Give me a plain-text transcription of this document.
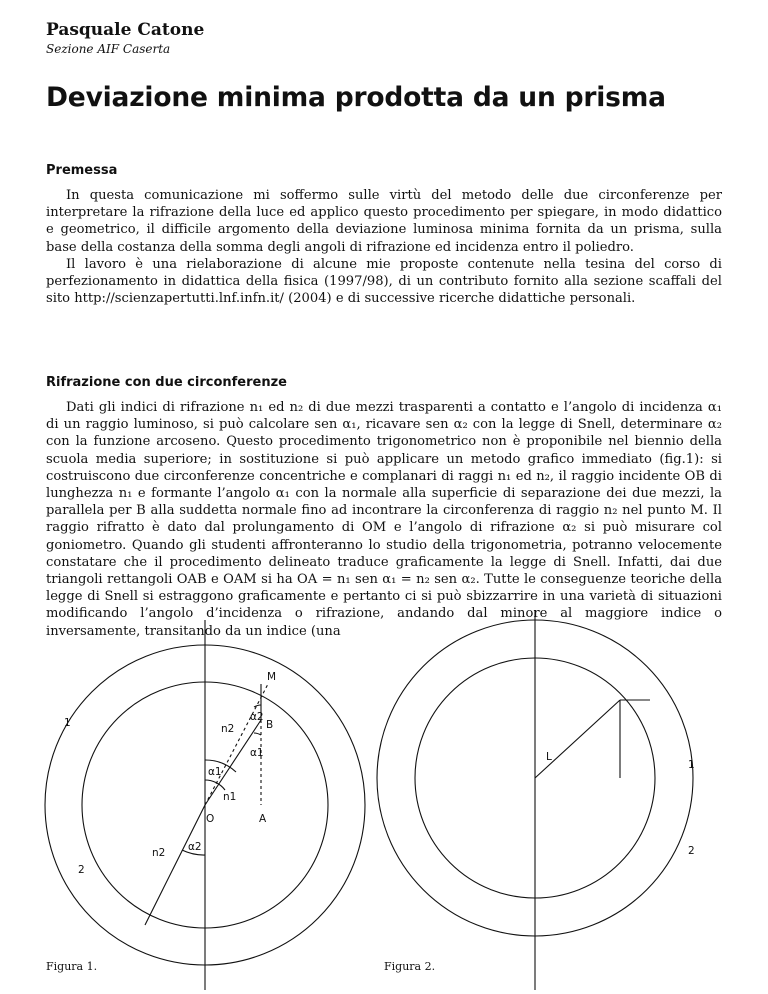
Pasquale Catone
Sezione AIF Caserta
Deviazione minima prodotta da un prisma
Premessa

In questa comunicazione mi soffermo sulle virtù del metodo delle due circonferenze per interpretare la rifrazione della luce ed applico questo procedimento per spiegare, in modo didattico e geometrico, il difficile argomento della deviazione luminosa minima fornita da un prisma, sulla base della costanza della somma degli angoli di rifrazione ed incidenza entro il poliedro.

Il lavoro è una rielaborazione di alcune mie proposte contenute nella tesina del corso di perfezionamento in didattica della fisica (1997/98), di un contributo fornito alla sezione scaffali del sito http://scienzapertutti.lnf.infn.it/ (2004) e di successive ricerche didattiche personali.

Rifrazione con due circonferenze

Dati gli indici di rifrazione n₁ ed n₂ di due mezzi trasparenti a contatto e l’angolo di incidenza α₁ di un raggio luminoso, si può calcolare sen α₁, ricavare sen α₂ con la legge di Snell, determinare α₂ con la funzione arcoseno. Questo procedimento trigonometrico non è proponibile nel biennio della scuola media superiore; in sostituzione si può applicare un metodo grafico immediato (fig.1): si costruiscono due circonferenze concentriche e complanari di raggi n₁ ed n₂, il raggio incidente OB di lunghezza n₁ e formante l’angolo α₁ con la normale alla superficie di separazione dei due mezzi, la parallela per B alla suddetta normale fino ad incontrare la circonferenza di raggio n₂ nel punto M. Il raggio rifratto è dato dal prolungamento di OM e l’angolo di rifrazione α₂ si può misurare col goniometro. Quando gli studenti affronteranno lo studio della trigonometria, potranno velocemente constatare che il procedimento delineato traduce graficamente la legge di Snell. Infatti, dai due triangoli rettangoli OAB e OAM si ha OA = n₁ sen α₁ = n₂ sen α₂. Tutte le conseguenze teoriche della legge di Snell si estraggono graficamente e pertanto ci si può sbizzarrire in una varietà di situazioni modificando l’angolo d’incidenza o rifrazione, andando dal minore al maggiore indice o inversamente, transitando da un indice (una

M
B
O	A
1
2
n2
n2
n1
α1
α1
α2
α2
L
1
2
Figura 1.	Figura 2.
